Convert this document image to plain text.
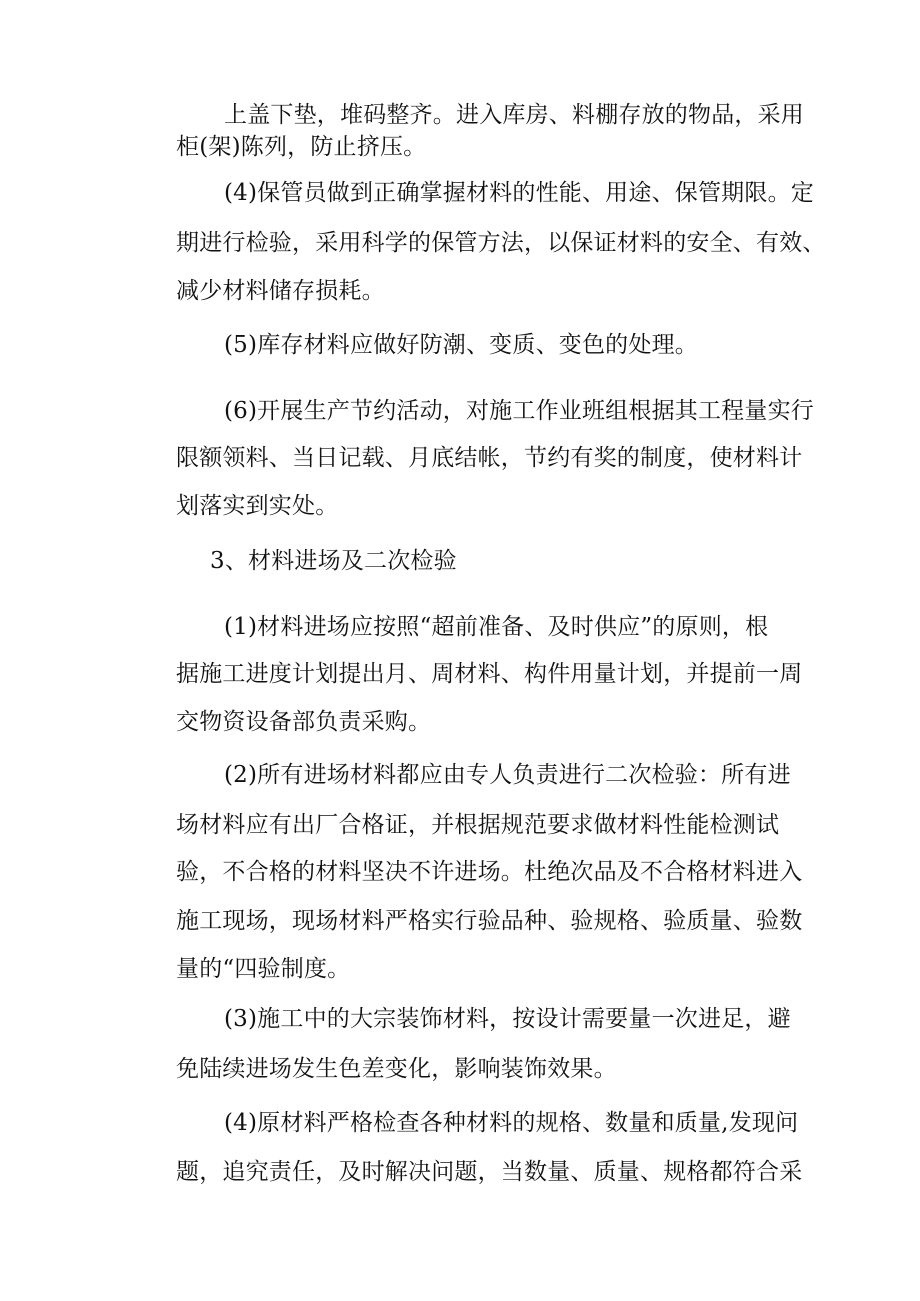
上盖下垫，堆码整齐。进入库房、料棚存放的物品，采用
柜(架)陈列，防止挤压。
(4)保管员做到正确掌握材料的性能、用途、保管期限。定
期进行检验，采用科学的保管方法，以保证材料的安全、有效、
减少材料储存损耗。
(5)库存材料应做好防潮、变质、变色的处理。
(6)开展生产节约活动，对施工作业班组根据其工程量实行
限额领料、当日记载、月底结帐，节约有奖的制度，使材料计
划落实到实处。
3、材料进场及二次检验
(1)材料进场应按照“超前准备、及时供应”的原则，根
据施工进度计划提出月、周材料、构件用量计划，并提前一周
交物资设备部负责采购。
(2)所有进场材料都应由专人负责进行二次检验：所有进
场材料应有出厂合格证，并根据规范要求做材料性能检测试
验，不合格的材料坚决不许进场。杜绝次品及不合格材料进入
施工现场，现场材料严格实行验品种、验规格、验质量、验数
量的“四验制度。
(3)施工中的大宗装饰材料，按设计需要量一次进足，避
免陆续进场发生色差变化，影响装饰效果。
(4)原材料严格检查各种材料的规格、数量和质量,发现问
题，追究责任，及时解决问题，当数量、质量、规格都符合采
